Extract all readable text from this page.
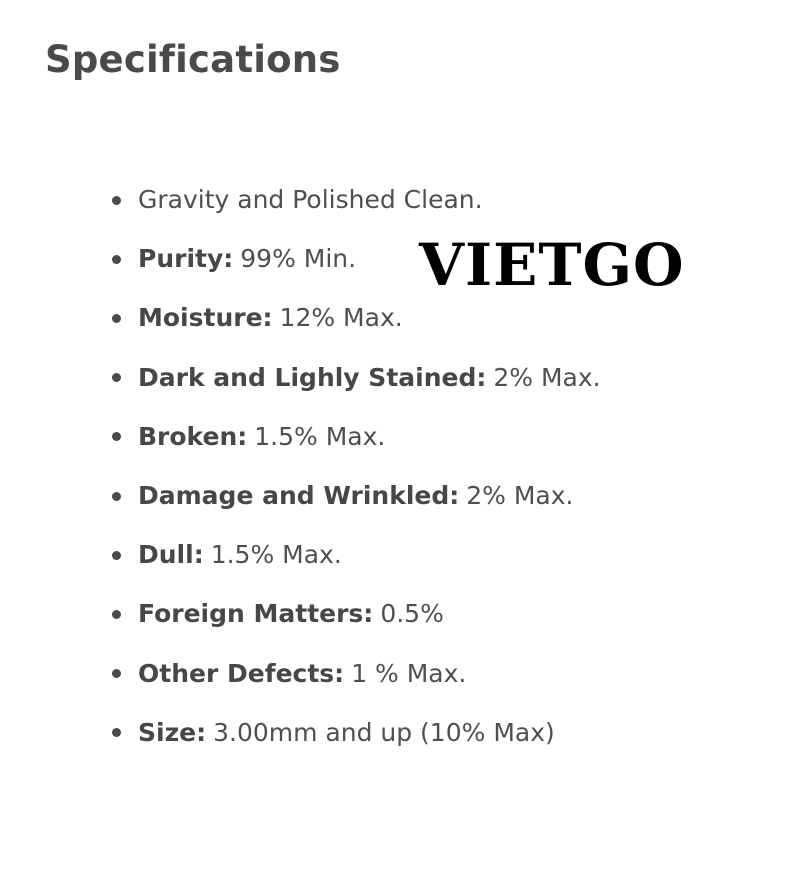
Specifications
Gravity and Polished Clean.
Purity: 99% Min.
Moisture: 12% Max.
Dark and Lighly Stained: 2% Max.
Broken: 1.5% Max.
Damage and Wrinkled: 2% Max.
Dull: 1.5% Max.
Foreign Matters: 0.5%
Other Defects: 1 % Max.
Size: 3.00mm and up (10% Max)
VIETGO
